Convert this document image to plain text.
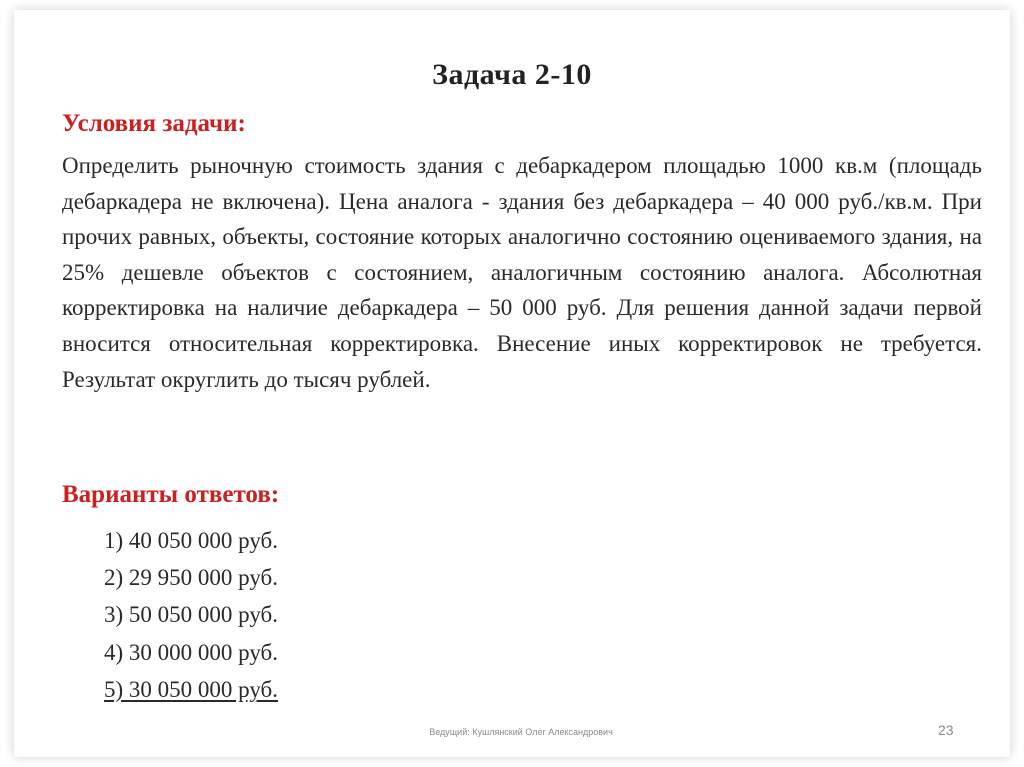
Задача 2-10
Условия задачи:
Определить рыночную стоимость здания с дебаркадером площадью 1000 кв.м (площадь дебаркадера не включена). Цена аналога - здания без дебаркадера – 40 000 руб./кв.м. При прочих равных, объекты, состояние которых аналогично состоянию оцениваемого здания, на 25% дешевле объектов с состоянием, аналогичным состоянию аналога. Абсолютная корректировка на наличие дебаркадера – 50 000 руб. Для решения данной задачи первой вносится относительная корректировка. Внесение иных корректировок не требуется. Результат округлить до тысяч рублей.
Варианты ответов:
1) 40 050 000 руб.
2) 29 950 000 руб.
3) 50 050 000 руб.
4) 30 000 000 руб.
5) 30 050 000 руб.
Ведущий: Кушлянский Олег Александрович	23
